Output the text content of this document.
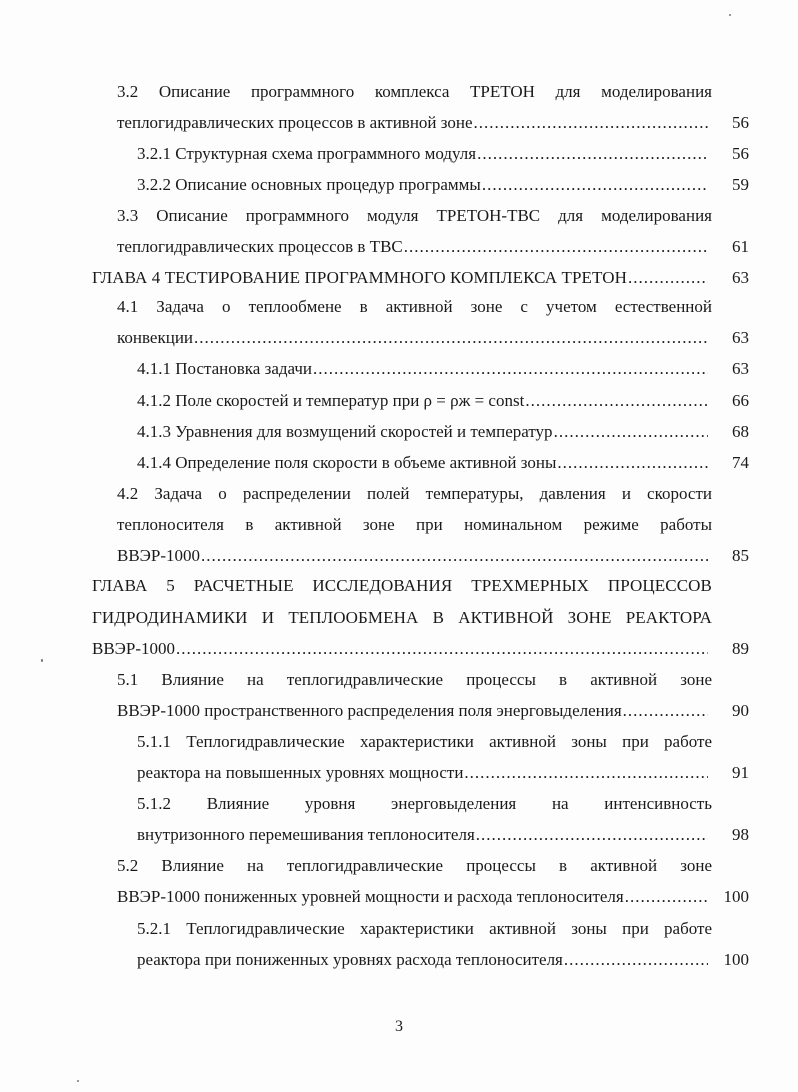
3.2 Описание программного комплекса ТРЕТОН для моделирования
теплогидравлических процессов в активной зоне .....	56
3.2.1 Структурная схема программного модуля .....	56
3.2.2 Описание основных процедур программы .....	59
3.3 Описание программного модуля ТРЕТОН-ТВС для моделирования
теплогидравлических процессов в ТВС .....	61
ГЛАВА 4 ТЕСТИРОВАНИЕ ПРОГРАММНОГО КОМПЛЕКСА ТРЕТОН .....	63
4.1 Задача о теплообмене в активной зоне с учетом естественной
конвекции .....	63
4.1.1 Постановка задачи .....	63
4.1.2 Поле скоростей и температур при ρ = ρж = const .....	66
4.1.3 Уравнения для возмущений скоростей и температур .....	68
4.1.4 Определение поля скорости в объеме активной зоны .....	74
4.2 Задача о распределении полей температуры, давления и скорости
теплоносителя в активной зоне при номинальном режиме работы
ВВЭР-1000 .....	85
ГЛАВА 5 РАСЧЕТНЫЕ ИССЛЕДОВАНИЯ ТРЕХМЕРНЫХ ПРОЦЕССОВ
ГИДРОДИНАМИКИ И ТЕПЛООБМЕНА В АКТИВНОЙ ЗОНЕ РЕАКТОРА
ВВЭР-1000 .....	89
5.1 Влияние на теплогидравлические процессы в активной зоне
ВВЭР-1000 пространственного распределения поля энерговыделения .....	90
5.1.1 Теплогидравлические характеристики активной зоны при работе
реактора на повышенных уровнях мощности .....	91
5.1.2 Влияние уровня энерговыделения на интенсивность
внутризонного перемешивания теплоносителя .....	98
5.2 Влияние на теплогидравлические процессы в активной зоне
ВВЭР-1000 пониженных уровней мощности и расхода теплоносителя .....	100
5.2.1 Теплогидравлические характеристики активной зоны при работе
реактора при пониженных уровнях расхода теплоносителя .....	100
3
